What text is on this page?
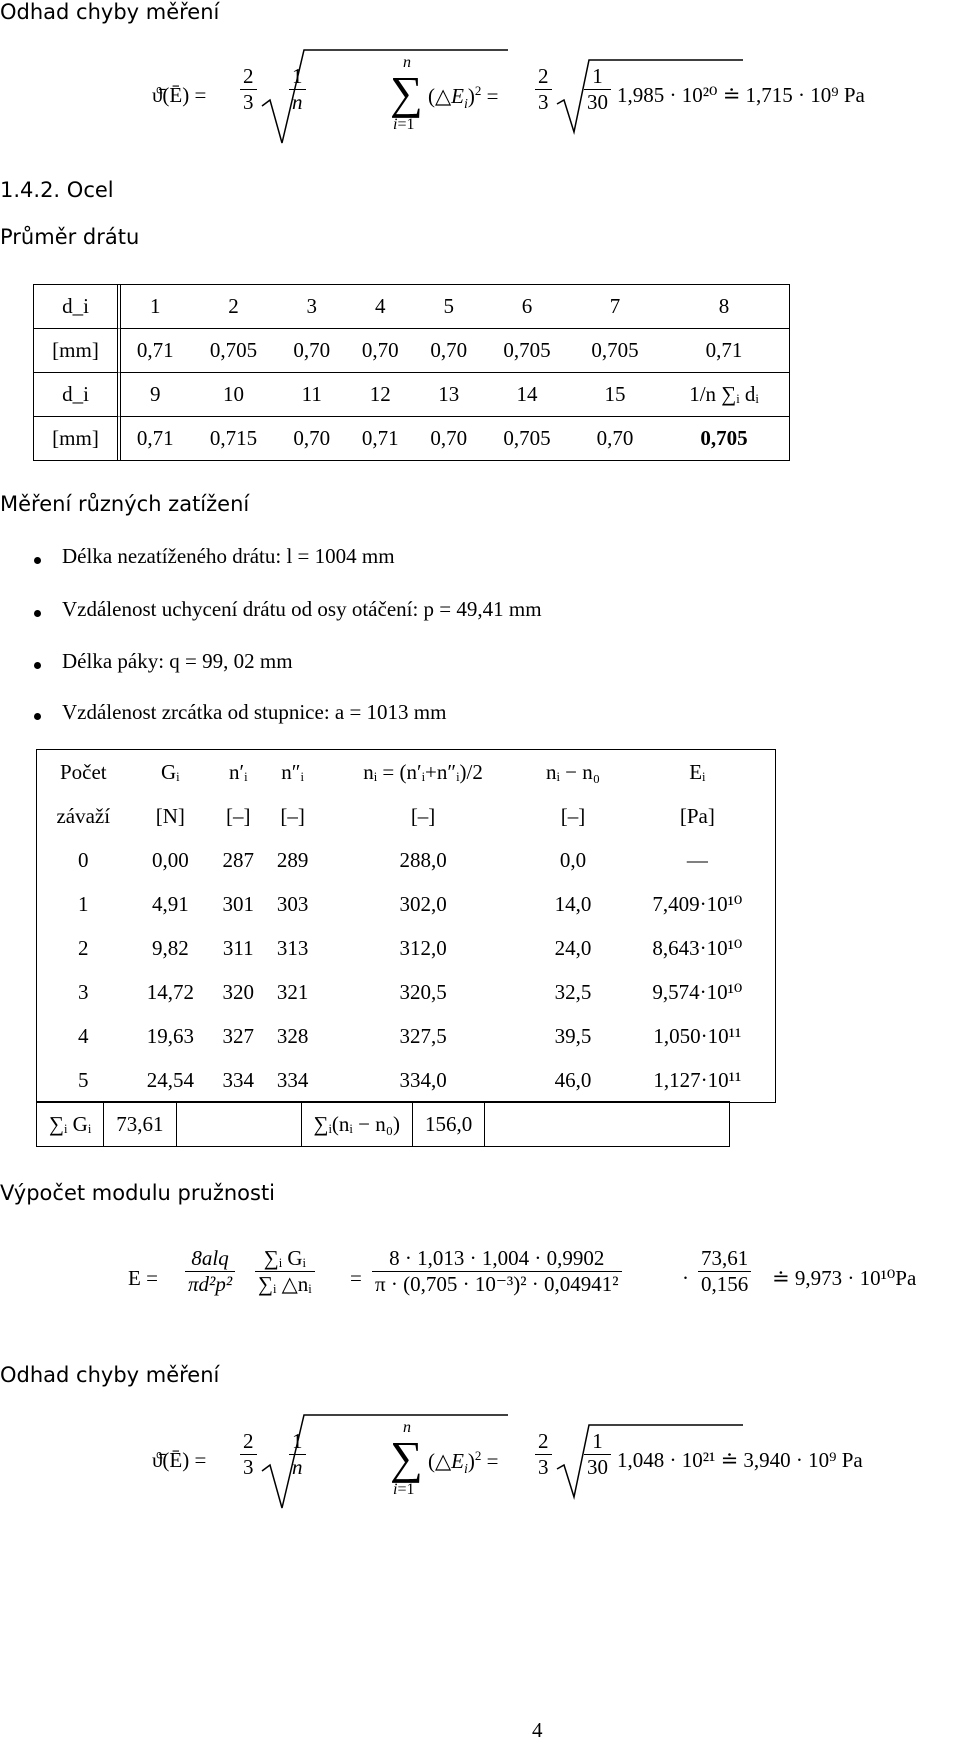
Odhad chyby měření
ϑ̄(Ē) = $\frac{2}{3} \frac{1}{n}$ ∑
n
i=1
$(\triangle E_i)^2 = \frac{2}{3} \frac{1}{30} 1,985 \cdot 10^{20}$ ≐ 1,715 · 10⁹ Pa
1.4.2. Ocel
Průměr drátu
d_i	1	2	3	4	5	6	7	8
[mm]	0,71	0,705	0,70	0,70	0,70	0,705	0,705	0,71
d_i	9	10	11	12	13	14	15	1/n ∑ᵢ dᵢ
[mm]	0,71	0,715	0,70	0,71	0,70	0,705	0,70	0,705
Měření různých zatížení
Délka nezatíženého drátu: l = 1004 mm
Vzdálenost uchycení drátu od osy otáčení: p = 49,41 mm
Délka páky: q = 99, 02 mm
Vzdálenost zrcátka od stupnice: a = 1013 mm
Počet	Gᵢ	n′ᵢ	n″ᵢ	nᵢ = (n′ᵢ+n″ᵢ)/2	nᵢ − n₀	Eᵢ
závaží	[N]	[–]	[–]	[–]	[–]	[Pa]
0	0,00	287	289	288,0	0,0	—
1	4,91	301	303	302,0	14,0	7,409·10¹⁰
2	9,82	311	313	312,0	24,0	8,643·10¹⁰
3	14,72	320	321	320,5	32,5	9,574·10¹⁰
4	19,63	327	328	327,5	39,5	1,050·10¹¹
5	24,54	334	334	334,0	46,0	1,127·10¹¹
∑ᵢ Gᵢ	73,61		∑ᵢ(nᵢ − n₀)	156,0	
Výpočet modulu pružnosti
E =
8alq
$\pi d^2p^2 \frac{\text{∑ᵢ Gᵢ}}{\text{∑ᵢ △nᵢ}} = \frac{8 \cdot 1,013 \cdot 1,004 \cdot 0,9902}{\text{π · (0,705 · 10⁻³)² · 0,04941²}}$	· $\frac{73,61}{0,156}$ ≐ 9,973 · 10¹⁰Pa
Odhad chyby měření
ϑ̄(Ē) = $\frac{2}{3} \frac{1}{n}$ ∑
n
i=1
$(\triangle E_i)^2 = \frac{2}{3} \frac{1}{30} 1,048 \cdot 10^{21}$ ≐ 3,940 · 10⁹ Pa
4
